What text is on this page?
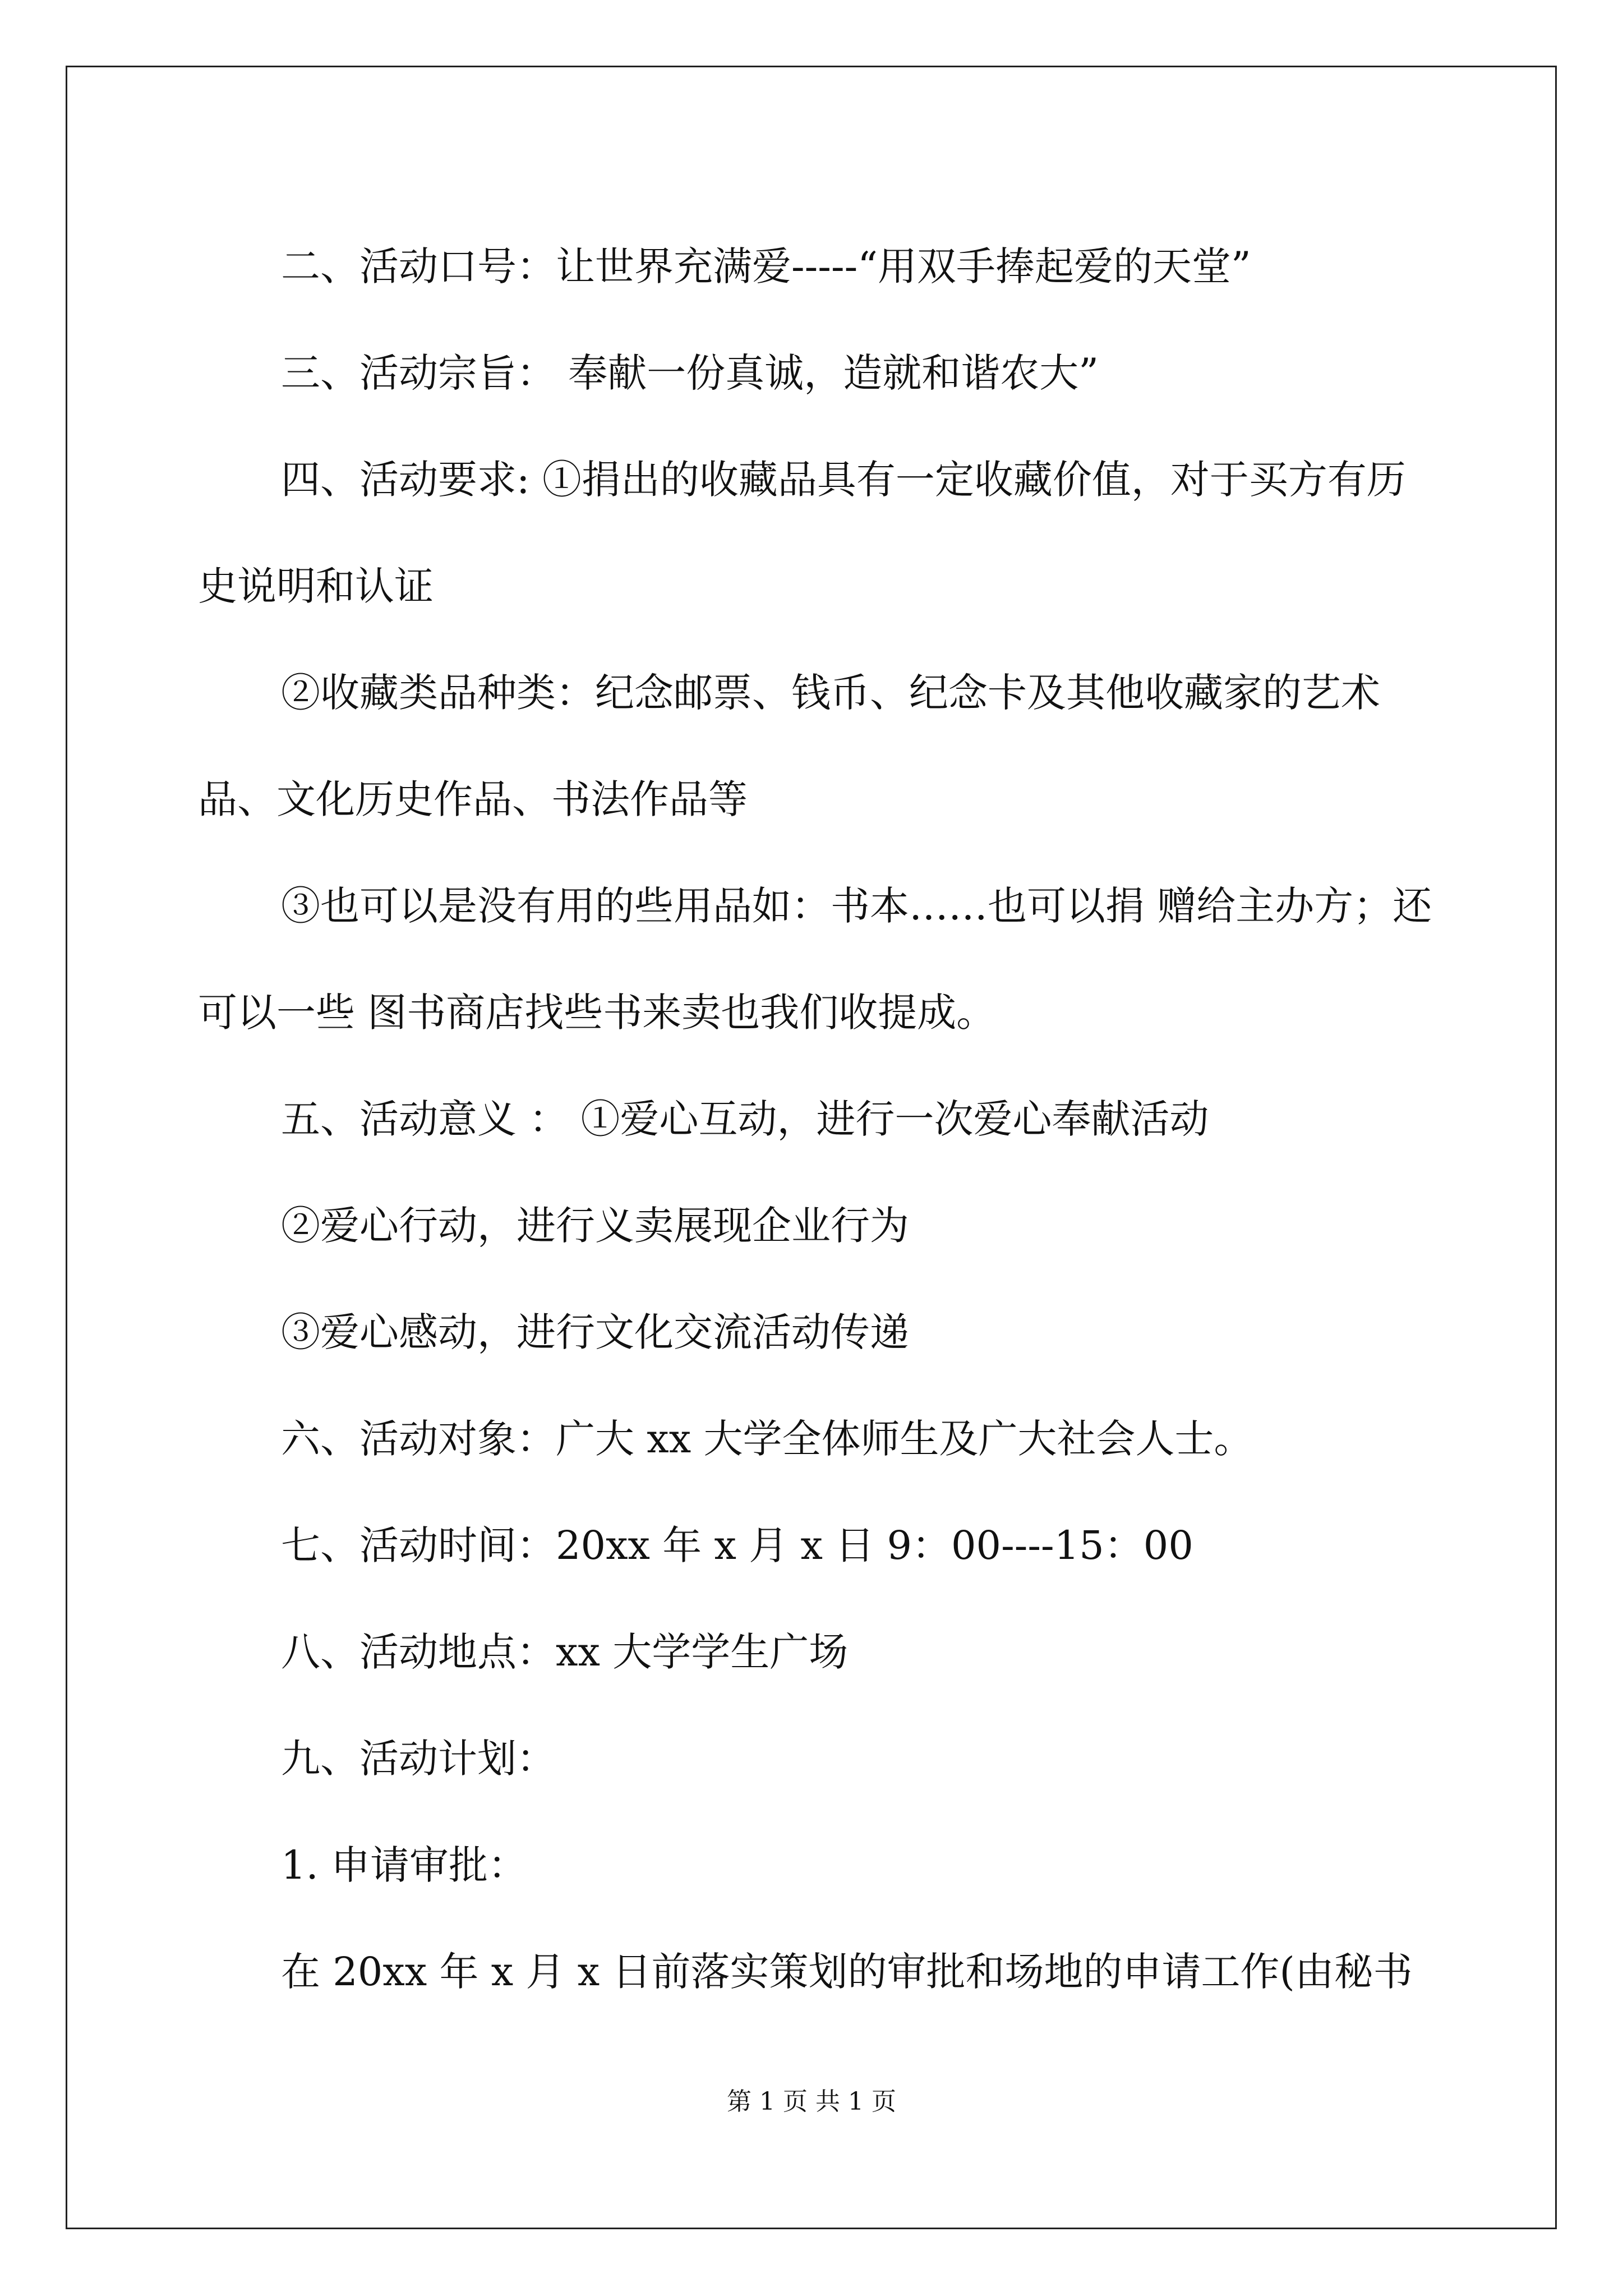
二、活动口号：让世界充满爱-----“用双手捧起爱的天堂”

三、活动宗旨： 奉献一份真诚，造就和谐农大”

四、活动要求: ①捐出的收藏品具有一定收藏价值，对于买方有历史说明和认证

②收藏类品种类：纪念邮票、钱币、纪念卡及其他收藏家的艺术品、文化历史作品、书法作品等

③也可以是没有用的些用品如：书本……也可以捐 赠给主办方；还可以一些 图书商店找些书来卖也我们收提成。

五、活动意义 ： ①爱心互动，进行一次爱心奉献活动

②爱心行动，进行义卖展现企业行为

③爱心感动，进行文化交流活动传递

六、活动对象：广大 xx 大学全体师生及广大社会人士。

七、活动时间：20xx 年 x 月 x 日 9：00----15：00

八、活动地点：xx 大学学生广场

九、活动计划：

1. 申请审批：

在 20xx 年 x 月 x 日前落实策划的审批和场地的申请工作(由秘书

第 1 页 共 1 页
